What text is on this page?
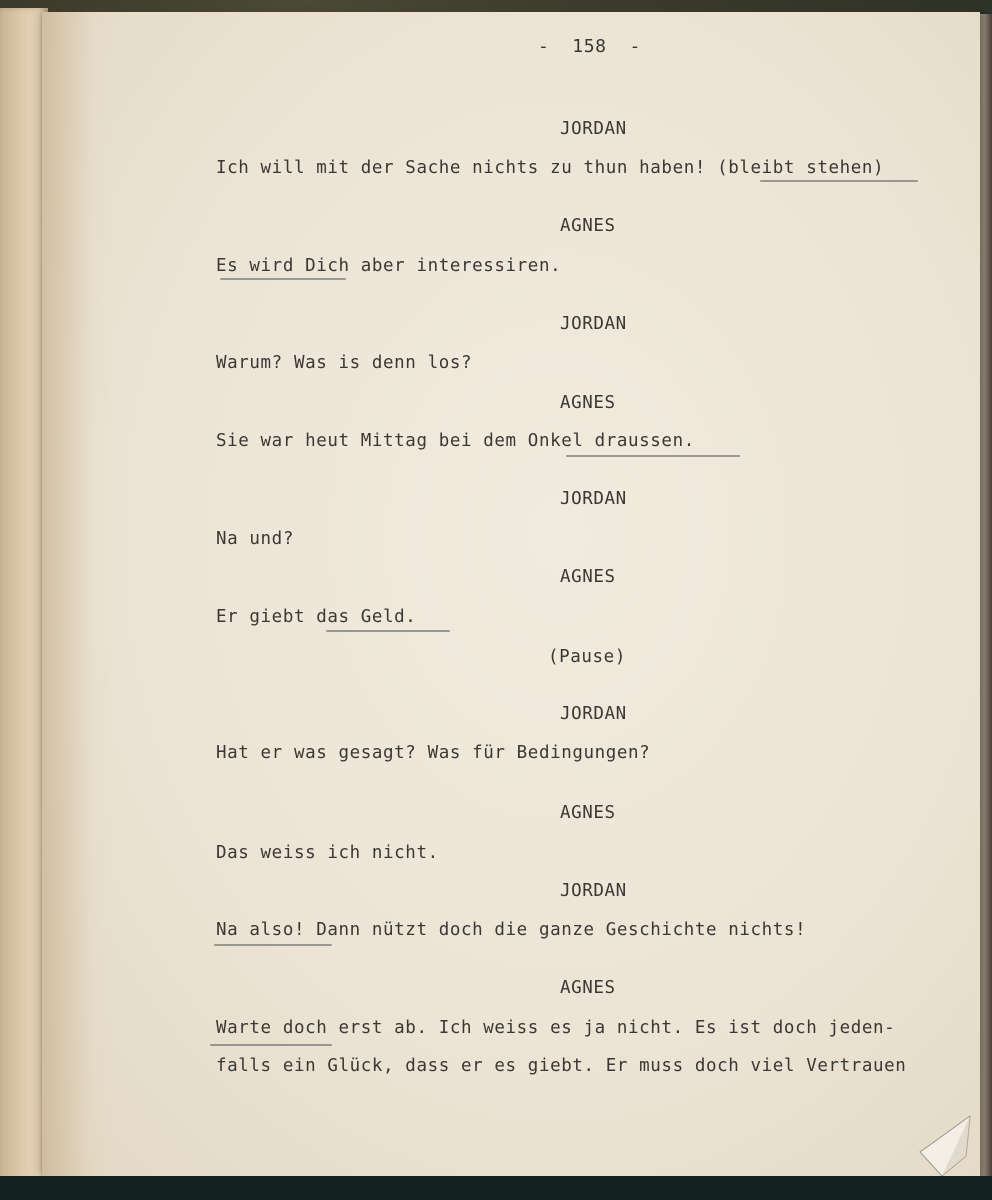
-  158  -
JORDAN
Ich will mit der Sache nichts zu thun haben! (bleibt stehen)
AGNES
Es wird Dich aber interessiren.
JORDAN
Warum? Was is denn los?
AGNES
Sie war heut Mittag bei dem Onkel draussen.
JORDAN
Na und?
AGNES
Er giebt das Geld.
(Pause)
JORDAN
Hat er was gesagt? Was für Bedingungen?
AGNES
Das weiss ich nicht.
JORDAN
Na also! Dann nützt doch die ganze Geschichte nichts!
AGNES
Warte doch erst ab. Ich weiss es ja nicht. Es ist doch jeden-
falls ein Glück, dass er es giebt. Er muss doch viel Vertrauen
